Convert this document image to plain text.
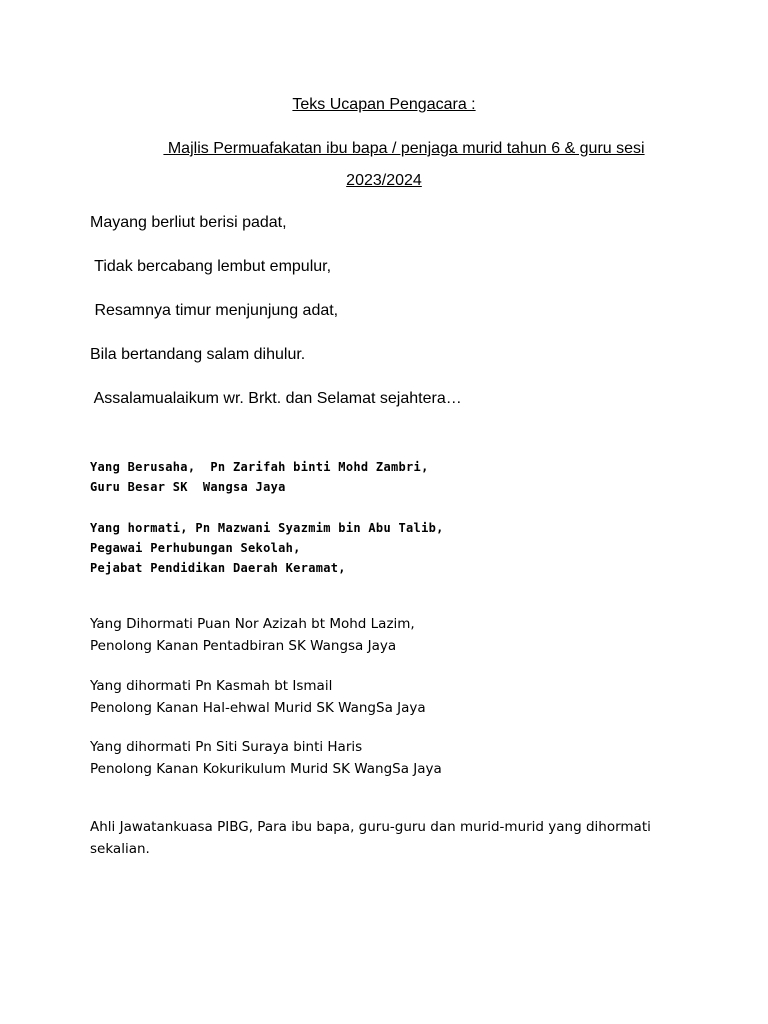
Teks Ucapan Pengacara :
Majlis Permuafakatan ibu bapa / penjaga murid tahun 6 & guru sesi
2023/2024
Mayang berliut berisi padat,
Tidak bercabang lembut empulur,
Resamnya timur menjunjung adat,
Bila bertandang salam dihulur.
Assalamualaikum wr. Brkt. dan Selamat sejahtera…
Yang Berusaha,  Pn Zarifah binti Mohd Zambri,
Guru Besar SK  Wangsa Jaya
Yang hormati, Pn Mazwani Syazmim bin Abu Talib,
Pegawai Perhubungan Sekolah,
Pejabat Pendidikan Daerah Keramat,
Yang Dihormati Puan Nor Azizah bt Mohd Lazim,
Penolong Kanan Pentadbiran SK Wangsa Jaya
Yang dihormati Pn Kasmah bt Ismail
Penolong Kanan Hal-ehwal Murid SK WangSa Jaya
Yang dihormati Pn Siti Suraya binti Haris
Penolong Kanan Kokurikulum Murid SK WangSa Jaya
Ahli Jawatankuasa PIBG, Para ibu bapa, guru-guru dan murid-murid yang dihormati sekalian.
